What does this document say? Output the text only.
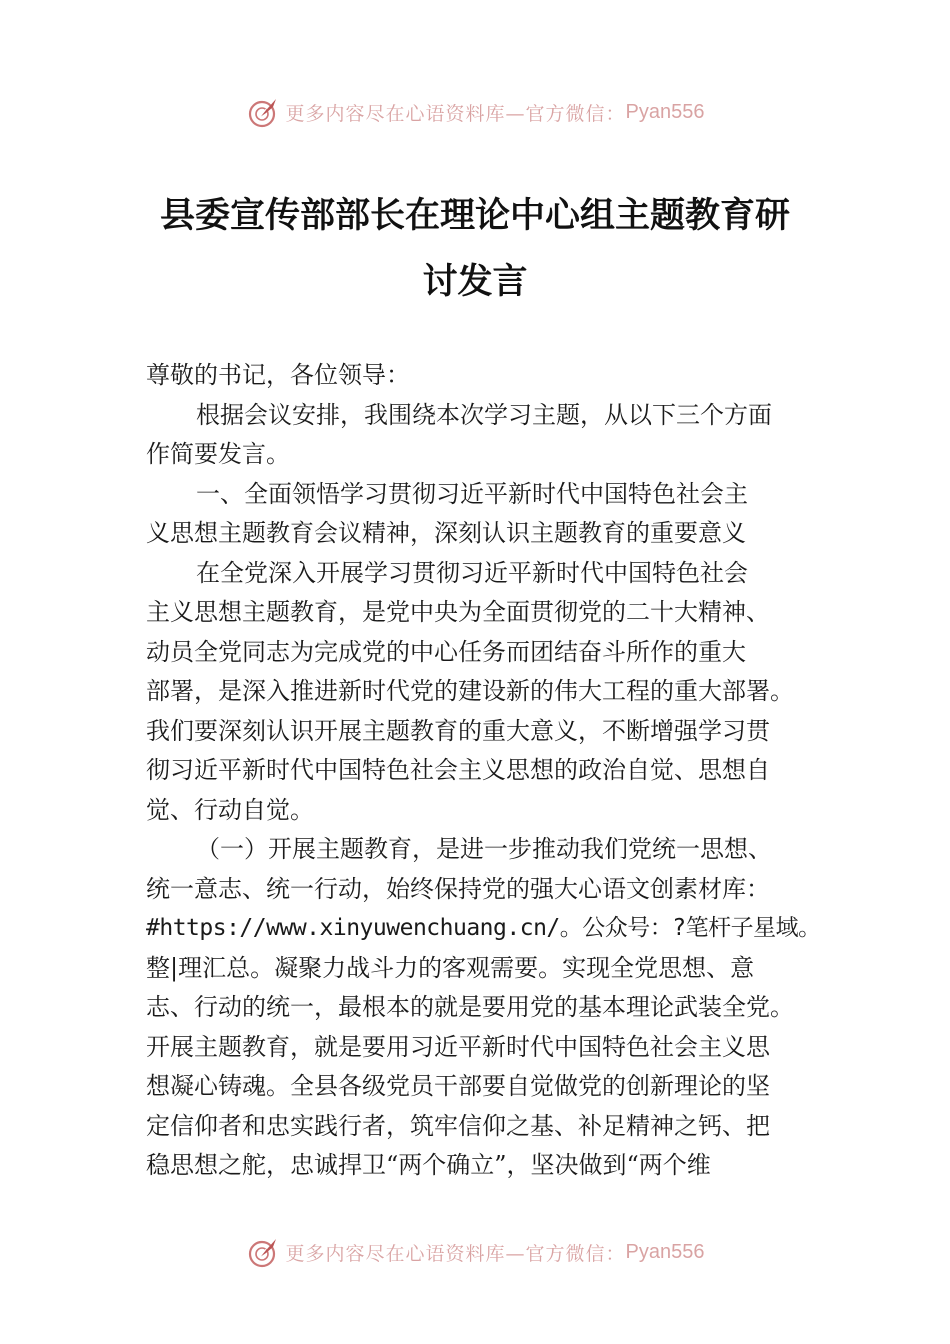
更多内容尽在心语资料库—官方微信： Pyan556
县委宣传部部长在理论中心组主题教育研
讨发言
尊敬的书记，各位领导：
根据会议安排，我围绕本次学习主题，从以下三个方面
作简要发言。
一、全面领悟学习贯彻习近平新时代中国特色社会主
义思想主题教育会议精神，深刻认识主题教育的重要意义
在全党深入开展学习贯彻习近平新时代中国特色社会
主义思想主题教育，是党中央为全面贯彻党的二十大精神、
动员全党同志为完成党的中心任务而团结奋斗所作的重大
部署，是深入推进新时代党的建设新的伟大工程的重大部署。
我们要深刻认识开展主题教育的重大意义，不断增强学习贯
彻习近平新时代中国特色社会主义思想的政治自觉、思想自
觉、行动自觉。
（一）开展主题教育，是进一步推动我们党统一思想、
统一意志、统一行动，始终保持党的强大心语文创素材库：
#https://www.xinyuwenchuang.cn/。公众号：?笔杆子星域。
整|理汇总。凝聚力战斗力的客观需要。实现全党思想、意
志、行动的统一，最根本的就是要用党的基本理论武装全党。
开展主题教育，就是要用习近平新时代中国特色社会主义思
想凝心铸魂。全县各级党员干部要自觉做党的创新理论的坚
定信仰者和忠实践行者，筑牢信仰之基、补足精神之钙、把
稳思想之舵，忠诚捍卫“两个确立”，坚决做到“两个维
更多内容尽在心语资料库—官方微信： Pyan556
